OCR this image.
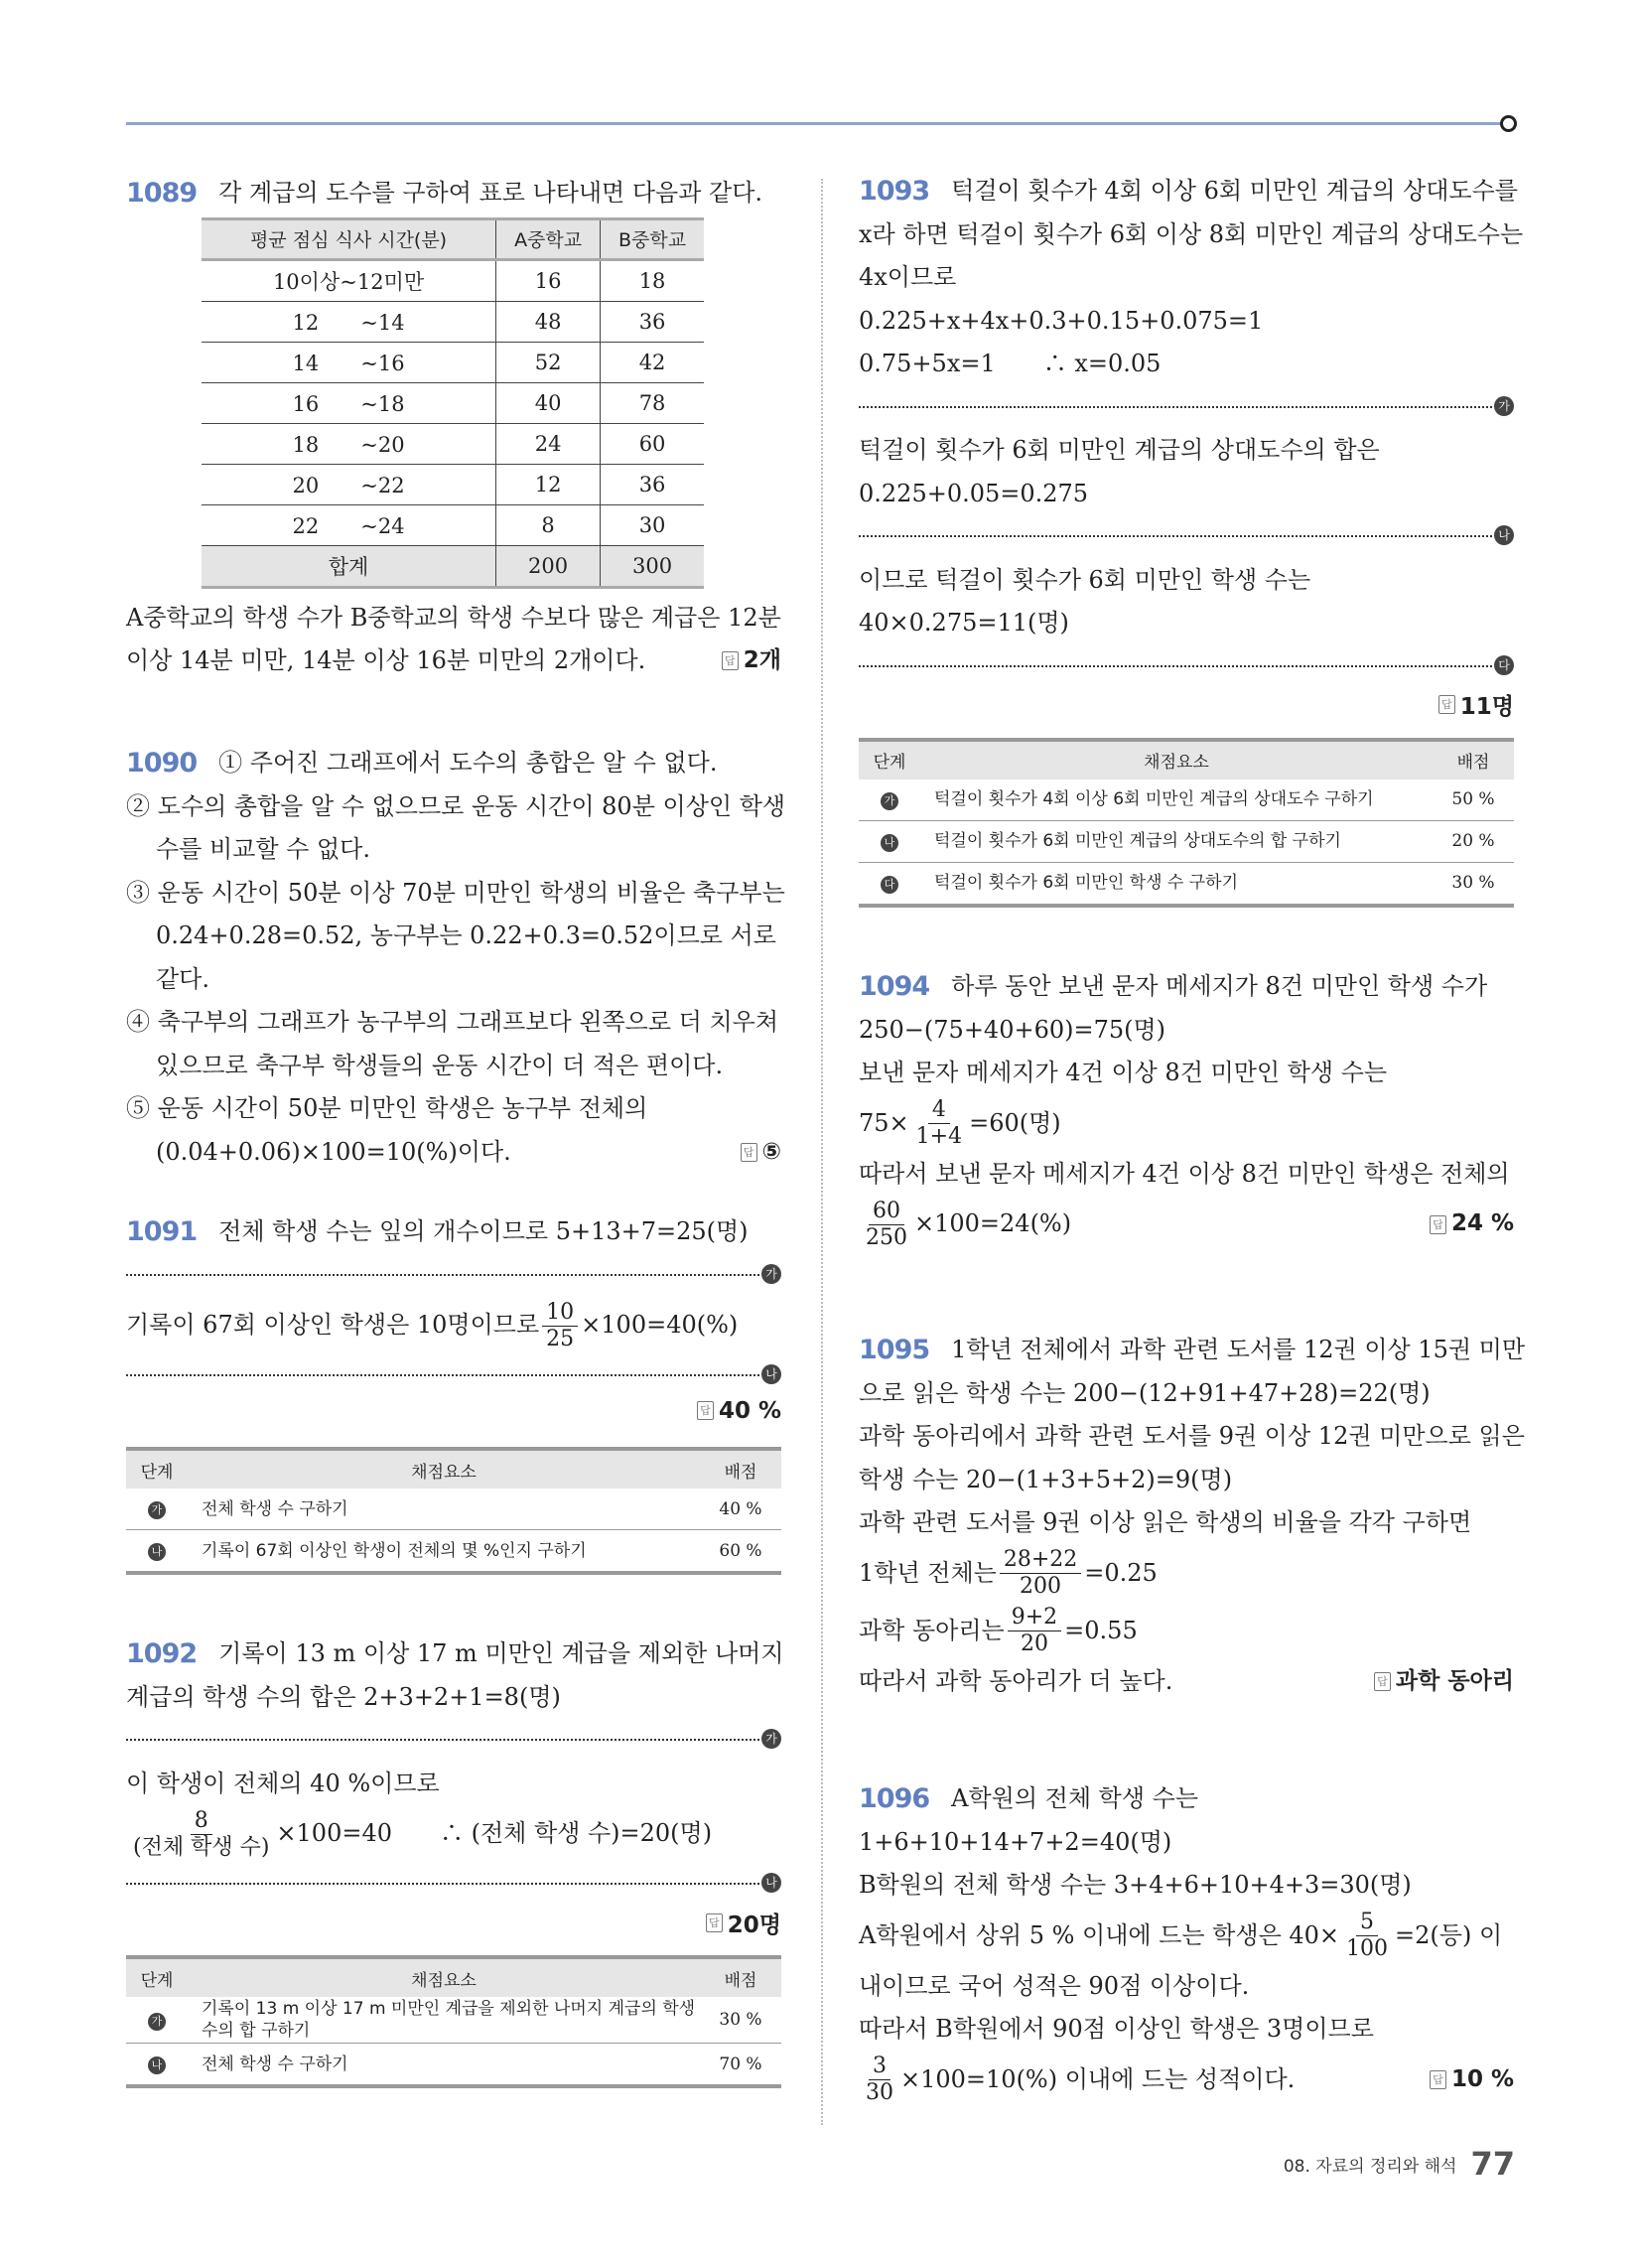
1089 각 계급의 도수를 구하여 표로 나타내면 다음과 같다.
평균 점심 식사 시간(분)	A중학교	B중학교
10이상~12미만	16	18
12　　~14	48	36
14　　~16	52	42
16　　~18	40	78
18　　~20	24	60
20　　~22	12	36
22　　~24	8	30
합계	200	300
A중학교의 학생 수가 B중학교의 학생 수보다 많은 계급은 12분
이상 14분 미만, 14분 이상 16분 미만의 2개이다.	답 2개
1090 ① 주어진 그래프에서 도수의 총합은 알 수 없다.
② 도수의 총합을 알 수 없으므로 운동 시간이 80분 이상인 학생
수를 비교할 수 없다.
③ 운동 시간이 50분 이상 70분 미만인 학생의 비율은 축구부는
0.24+0.28=0.52, 농구부는 0.22+0.3=0.52이므로 서로
같다.
④ 축구부의 그래프가 농구부의 그래프보다 왼쪽으로 더 치우쳐
있으므로 축구부 학생들의 운동 시간이 더 적은 편이다.
⑤ 운동 시간이 50분 미만인 학생은 농구부 전체의
(0.04+0.06)×100=10(%)이다.	답 ⑤
1091 전체 학생 수는 잎의 개수이므로 5+13+7=25(명)
가
기록이 67회 이상인 학생은 10명이므로 $\frac{10}{25} \times 100=40(\%)$
나
답 40 %
단계	채점요소	배점
가	전체 학생 수 구하기	40 %
나	기록이 67회 이상인 학생이 전체의 몇 %인지 구하기	60 %
1092 기록이 13 m 이상 17 m 미만인 계급을 제외한 나머지
계급의 학생 수의 합은 2+3+2+1=8(명)
가
이 학생이 전체의 40 %이므로
$\frac{8}{\text{(전체 학생 수)}} \times 100=40$　　∴ (전체 학생 수)=20(명)
나
답 20명
단계	채점요소	배점
가	기록이 13 m 이상 17 m 미만인 계급을 제외한 나머지 계급의 학생 수의 합 구하기	30 %
나	전체 학생 수 구하기	70 %
1093 턱걸이 횟수가 4회 이상 6회 미만인 계급의 상대도수를
x라 하면 턱걸이 횟수가 6회 이상 8회 미만인 계급의 상대도수는
4x이므로
0.225+x+4x+0.3+0.15+0.075=1
0.75+5x=1　　∴ x=0.05
가
턱걸이 횟수가 6회 미만인 계급의 상대도수의 합은
0.225+0.05=0.275
나
이므로 턱걸이 횟수가 6회 미만인 학생 수는
40×0.275=11(명)
다
답 11명
단계	채점요소	배점
가	턱걸이 횟수가 4회 이상 6회 미만인 계급의 상대도수 구하기	50 %
나	턱걸이 횟수가 6회 미만인 계급의 상대도수의 합 구하기	20 %
다	턱걸이 횟수가 6회 미만인 학생 수 구하기	30 %
1094 하루 동안 보낸 문자 메세지가 8건 미만인 학생 수가
250−(75+40+60)=75(명)
보낸 문자 메세지가 4건 이상 8건 미만인 학생 수는
$75\times \frac{4}{1+4} =60$(명)
따라서 보낸 문자 메세지가 4건 이상 8건 미만인 학생은 전체의
$\frac{60}{250} \times 100=24(\%)$	답 24 %
1095 1학년 전체에서 과학 관련 도서를 12권 이상 15권 미만
으로 읽은 학생 수는 200−(12+91+47+28)=22(명)
과학 동아리에서 과학 관련 도서를 9권 이상 12권 미만으로 읽은
학생 수는 20−(1+3+5+2)=9(명)
과학 관련 도서를 9권 이상 읽은 학생의 비율을 각각 구하면
1학년 전체는 $\frac{28+22}{200} =0.25$
과학 동아리는 $\frac{9+2}{20} =0.55$
따라서 과학 동아리가 더 높다.	답 과학 동아리
1096 A학원의 전체 학생 수는
1+6+10+14+7+2=40(명)
B학원의 전체 학생 수는 3+4+6+10+4+3=30(명)
A학원에서 상위 5 % 이내에 드는 학생은 $40\times \frac{5}{100} =2$(등) 이
내이므로 국어 성적은 90점 이상이다.
따라서 B학원에서 90점 이상인 학생은 3명이므로
$\frac{3}{30} \times 100=10(\%)$ 이내에 드는 성적이다.	답 10 %
08. 자료의 정리와 해석 77
